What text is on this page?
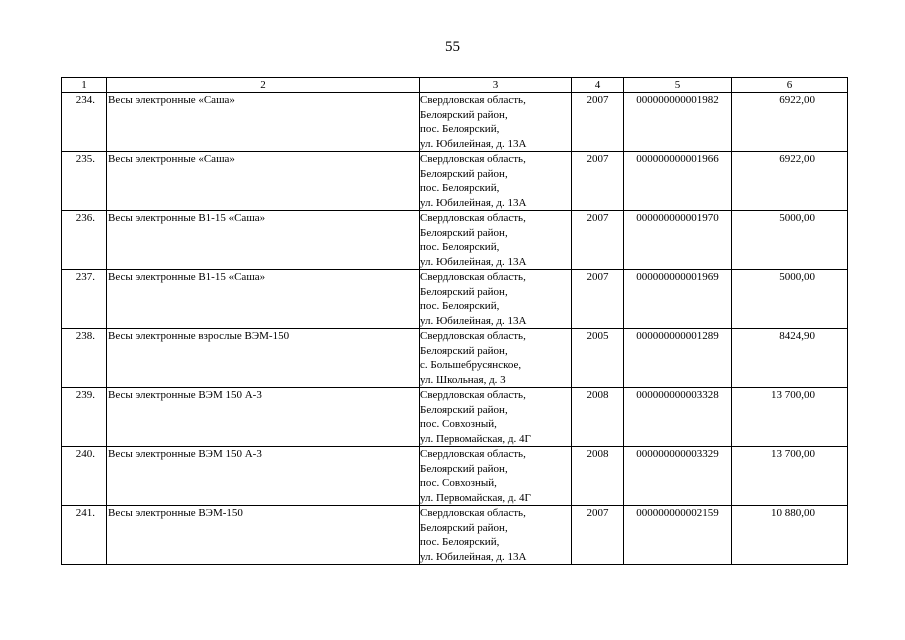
55
1	2	3	4	5	6
234.	Весы электронные «Саша»	Свердловская область,
Белоярский район,
пос. Белоярский,
ул. Юбилейная, д. 13А	2007	000000000001982	6922,00
235.	Весы электронные «Саша»	Свердловская область,
Белоярский район,
пос. Белоярский,
ул. Юбилейная, д. 13А	2007	000000000001966	6922,00
236.	Весы электронные В1-15 «Саша»	Свердловская область,
Белоярский район,
пос. Белоярский,
ул. Юбилейная, д. 13А	2007	000000000001970	5000,00
237.	Весы электронные В1-15 «Саша»	Свердловская область,
Белоярский район,
пос. Белоярский,
ул. Юбилейная, д. 13А	2007	000000000001969	5000,00
238.	Весы электронные взрослые ВЭМ-150	Свердловская область,
Белоярский район,
с. Большебрусянское,
ул. Школьная, д. 3	2005	000000000001289	8424,90
239.	Весы электронные ВЭМ 150 А-3	Свердловская область,
Белоярский район,
пос. Совхозный,
ул. Первомайская, д. 4Г	2008	000000000003328	13 700,00
240.	Весы электронные ВЭМ 150 А-3	Свердловская область,
Белоярский район,
пос. Совхозный,
ул. Первомайская, д. 4Г	2008	000000000003329	13 700,00
241.	Весы электронные ВЭМ-150	Свердловская область,
Белоярский район,
пос. Белоярский,
ул. Юбилейная, д. 13А	2007	000000000002159	10 880,00
